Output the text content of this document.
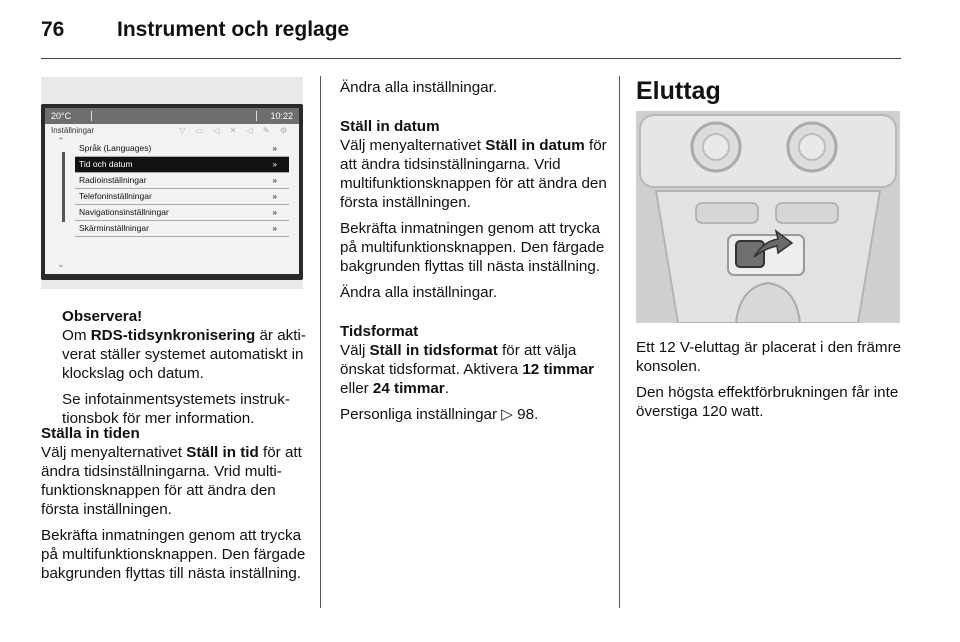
76	Instrument och reglage
20°C	10:22
Inställningar	▽ ▭ ◁ ✕ ◁ ✎ ⚙
⌃
⌄
Språk (Languages)	»
Tid och datum	»
Radioinställningar	»
Telefoninställningar	»
Navigationsinställningar	»
Skärminställningar	»

Observera!

Om RDS-tidsynkronisering är akti-verat ställer systemet automatiskt in klockslag och datum.

Se infotainmentsystemets instruk-tionsbok för mer information.

Ställa in tiden

Välj menyalternativet Ställ in tid för att ändra tidsinställningarna. Vrid multi-funktionsknappen för att ändra den första inställningen.

Bekräfta inmatningen genom att trycka på multifunktionsknappen. Den färgade bakgrunden flyttas till nästa inställning.

Ändra alla inställningar.

Ställ in datum

Välj menyalternativet Ställ in datum för att ändra tidsinställningarna. Vrid multifunktionsknappen för att ändra den första inställningen.

Bekräfta inmatningen genom att trycka på multifunktionsknappen. Den färgade bakgrunden flyttas till nästa inställning.

Ändra alla inställningar.

Tidsformat

Välj Ställ in tidsformat för att välja önskat tidsformat. Aktivera 12 timmar eller 24 timmar.

Personliga inställningar ▷ 98.

Eluttag

Ett 12 V-eluttag är placerat i den främre konsolen.

Den högsta effektförbrukningen får inte överstiga 120 watt.
